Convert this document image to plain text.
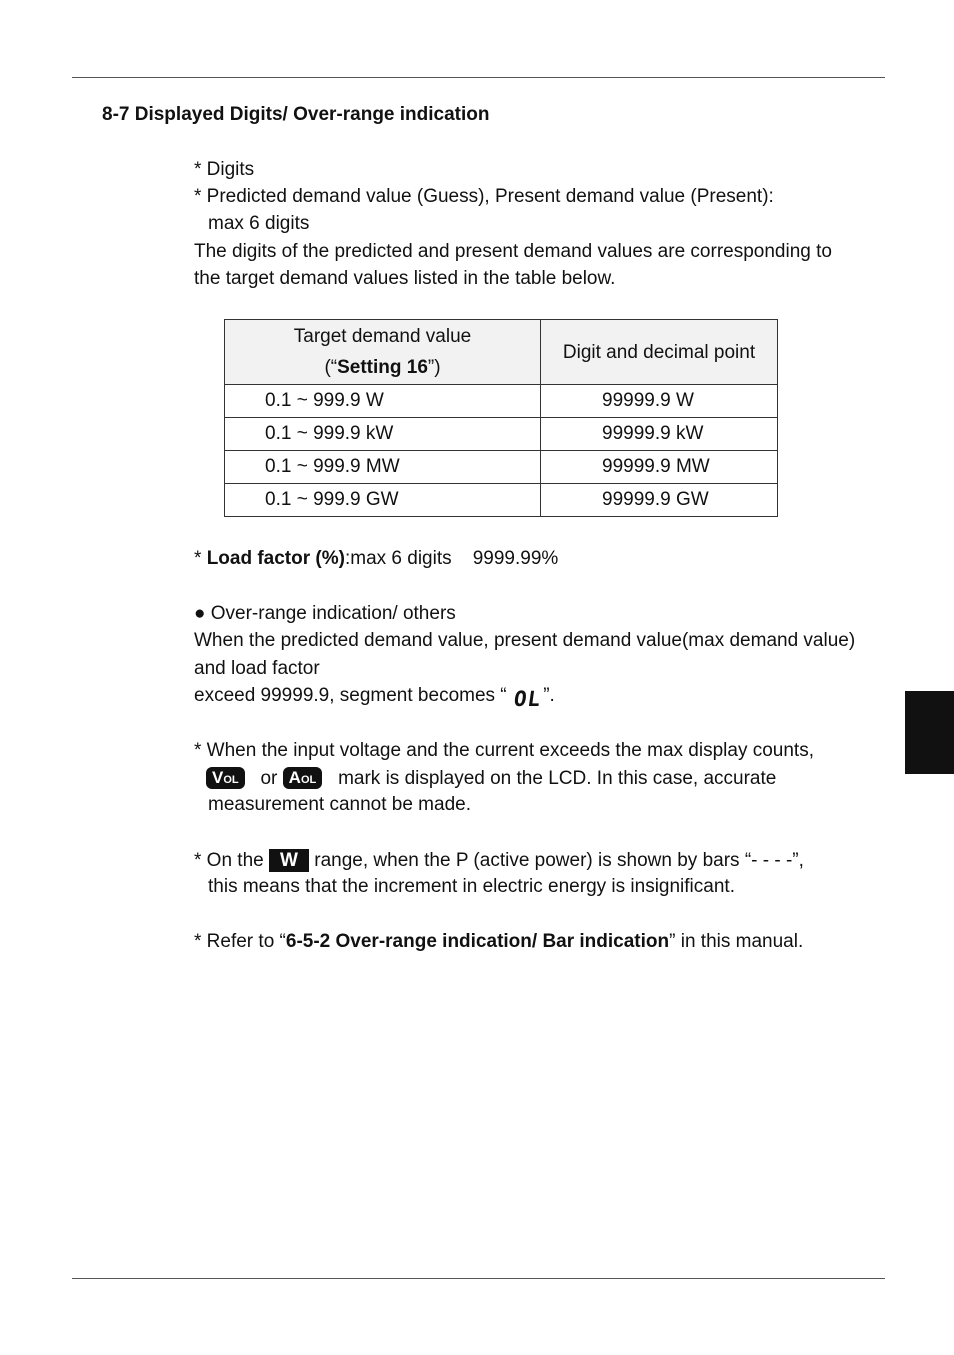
8-7 Displayed Digits/ Over-range indication
* Digits
* Predicted demand value (Guess), Present demand value (Present):
max 6 digits
The digits of the predicted and present demand values are corresponding to
the target demand values listed in the table below.
Target demand value
(“Setting 16”)	Digit and decimal point
0.1 ~ 999.9 W	99999.9 W
0.1 ~ 999.9 kW	99999.9 kW
0.1 ~ 999.9 MW	99999.9 MW
0.1 ~ 999.9 GW	99999.9 GW
* Load factor (%):max 6 digits    9999.99%
● Over-range indication/ others
When the predicted demand value, present demand value(max demand value)
and load factor
exceed 99999.9, segment becomes “ OL”.
* When the input voltage and the current exceeds the max display counts,
VOL or AOL mark is displayed on the LCD. In this case, accurate
measurement cannot be made.
* On the W range, when the P (active power) is shown by bars “- - - -”,
this means that the increment in electric energy is insignificant.
* Refer to “6-5-2 Over-range indication/ Bar indication” in this manual.
